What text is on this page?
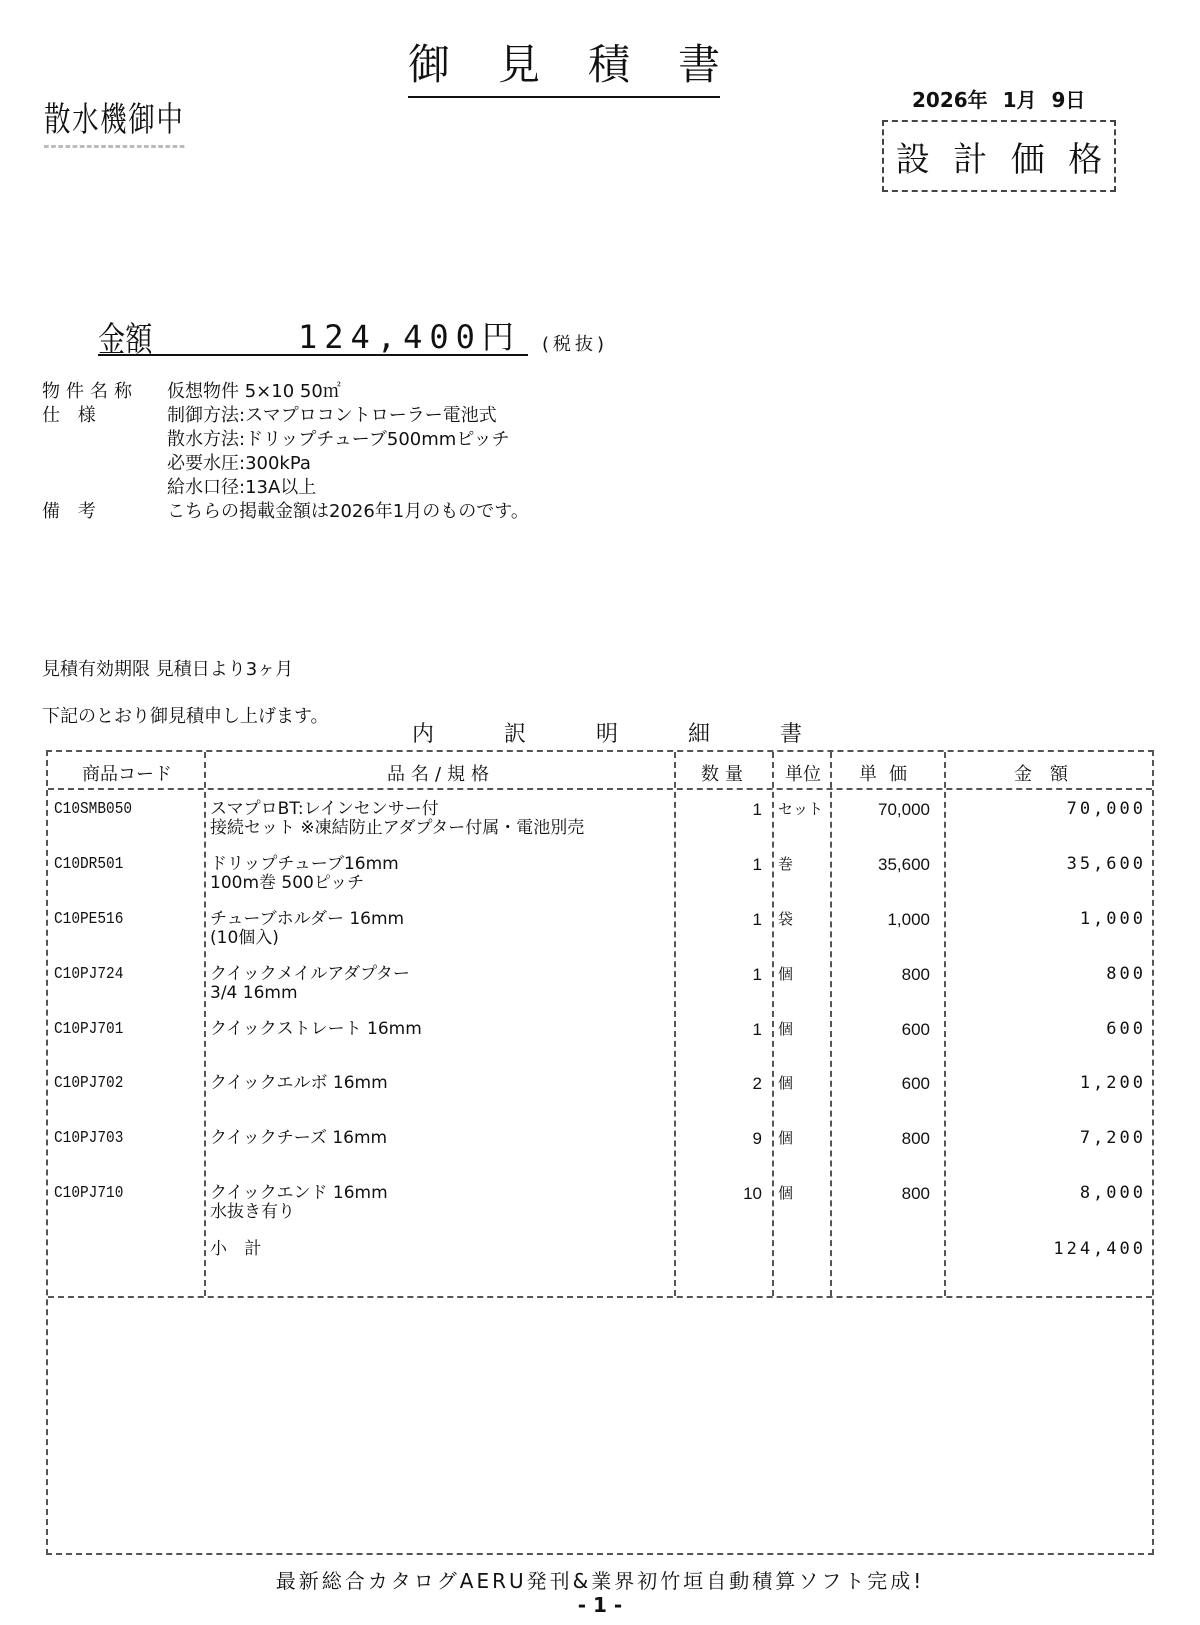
御 見 積 書
散水機御中	2026年 1月 9日
設 計 価 格
金額	124,400円 (税抜)
物件名称	仮想物件 5×10 50㎡
仕 様	制御方法:スマプロコントローラー電池式
散水方法:ドリップチューブ500mmピッチ
必要水圧:300kPa
給水口径:13A以上
備 考	こちらの掲載金額は2026年1月のものです。
見積有効期限 見積日より3ヶ月
下記のとおり御見積申し上げます。
内	訳	明	細	書
商品コード	品名/規格	数量	単位	単価	金額
C10SMB050	スマプロBT:レインセンサー付
接続セット ※凍結防止アダプター付属・電池別売
1 セット	70,000	70,000
C10DR501	ドリップチューブ16mm
100m巻 500ピッチ
1 巻	35,600	35,600
C10PE516	チューブホルダー 16mm
(10個入)
1 袋	1,000	1,000
C10PJ724	クイックメイルアダプター
3/4 16mm
1 個	800	800
C10PJ701	クイックストレート 16mm	1 個	600	600
C10PJ702	クイックエルボ 16mm	2 個	600	1,200
C10PJ703	クイックチーズ 16mm	9 個	800	7,200
C10PJ710	クイックエンド 16mm
水抜き有り
10 個	800	8,000
小 計	124,400
最新総合カタログAERU発刊&業界初竹垣自動積算ソフト完成!
- 1 -
